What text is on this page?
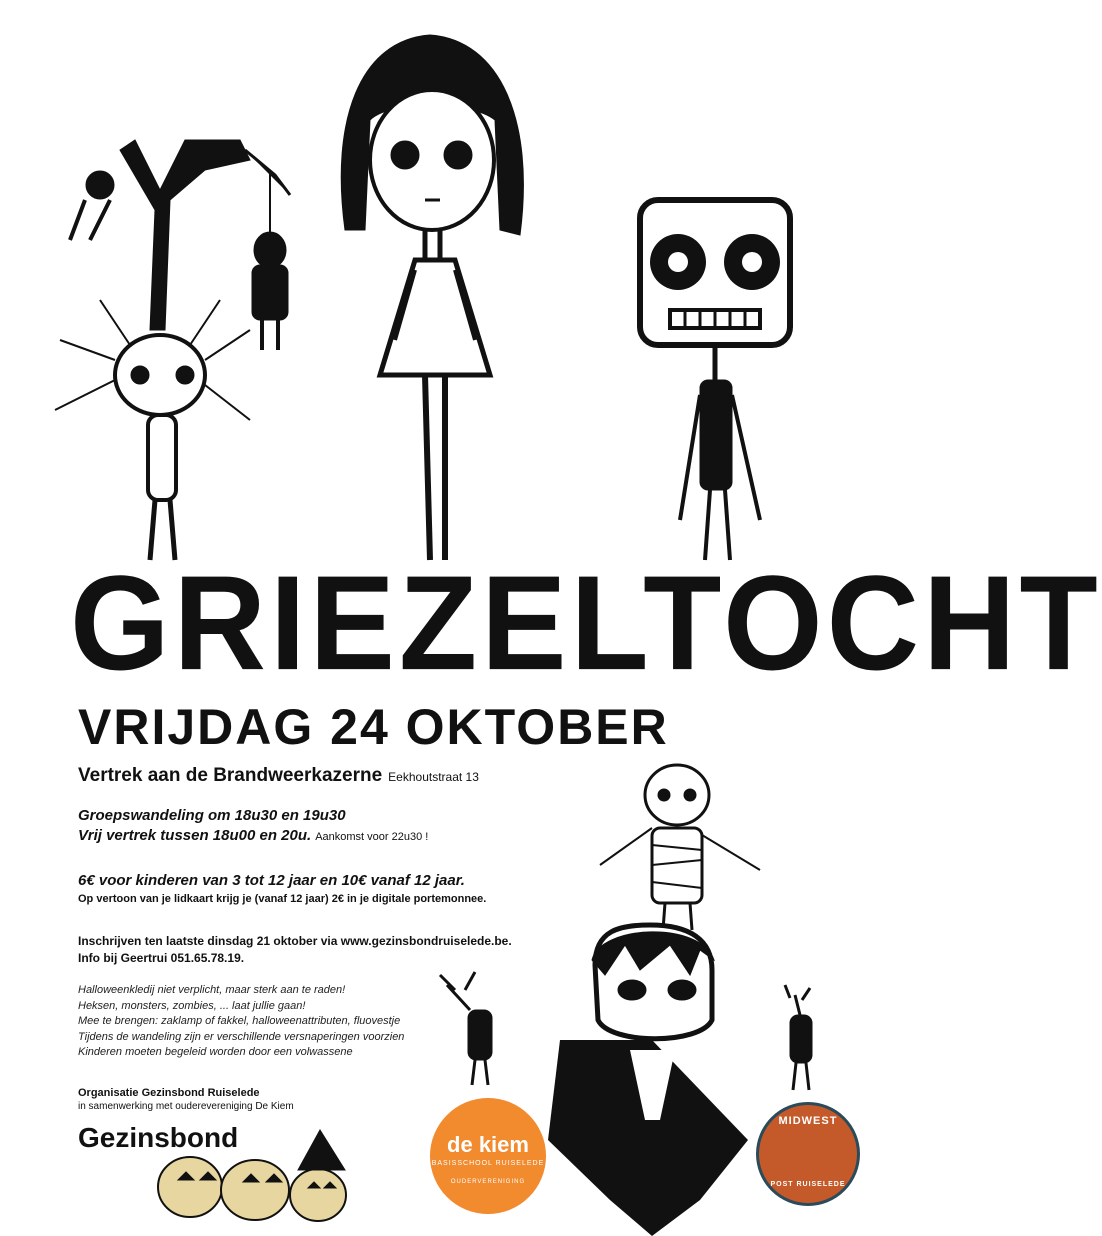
GRIEZELTOCHT
VRIJDAG 24 OKTOBER
Vertrek aan de Brandweerkazerne Eekhoutstraat 13
Groepswandeling om 18u30 en 19u30
Vrij vertrek tussen 18u00 en 20u. Aankomst voor 22u30 !
6€ voor kinderen van 3 tot 12 jaar en 10€ vanaf 12 jaar.
Op vertoon van je lidkaart krijg je (vanaf 12 jaar) 2€ in je digitale portemonnee.
Inschrijven ten laatste dinsdag 21 oktober via www.gezinsbondruiselede.be.
Info bij Geertrui 051.65.78.19.
Halloweenkledij niet verplicht, maar sterk aan te raden!
Heksen, monsters, zombies, ... laat jullie gaan!
Mee te brengen: zaklamp of fakkel, halloweenattributen, fluovestje
Tijdens de wandeling zijn er verschillende versnaperingen voorzien
Kinderen moeten begeleid worden door een volwassene
Organisatie Gezinsbond Ruiselede
in samenwerking met ouderevereniging De Kiem
Gezinsbond	de kiem
BASISSCHOOL RUISELEDE
OUDERVERENIGING
MIDWEST
POST RUISELEDE
